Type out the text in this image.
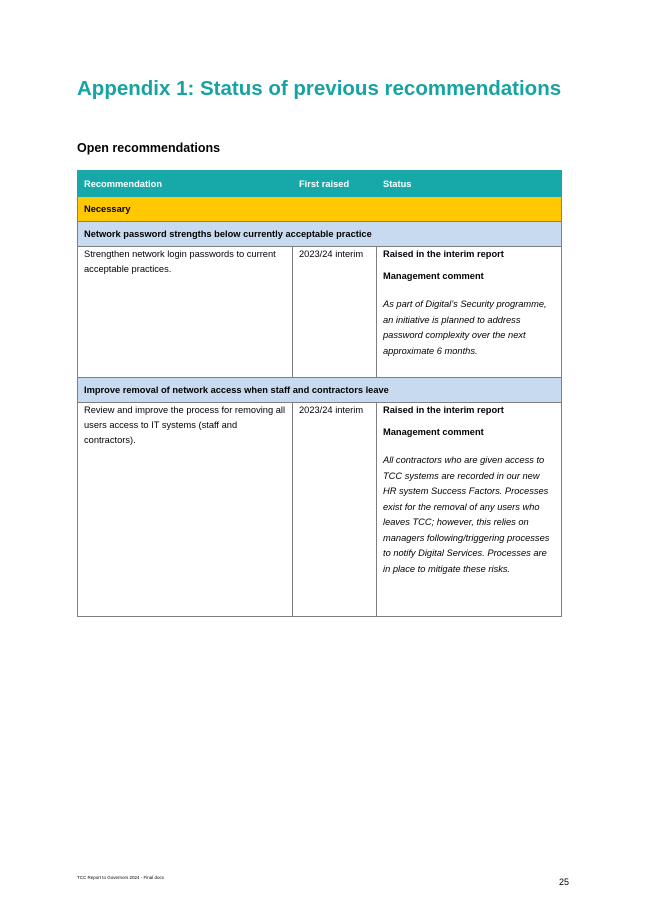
Appendix 1: Status of previous recommendations
Open recommendations
Recommendation	First raised	Status
Necessary		
Network password strengths below currently acceptable practice		
Strengthen network login passwords to current acceptable practices.	2023/24 interim	Raised in the interim report
Management comment
As part of Digital’s Security programme, an initiative is planned to address password complexity over the next approximate 6 months.

Improve removal of network access when staff and contractors leave		
Review and improve the process for removing all users access to IT systems (staff and contractors).	2023/24 interim	Raised in the interim report
Management comment
All contractors who are given access to TCC systems are recorded in our new HR system Success Factors. Processes exist for the removal of any users who leaves TCC; however, this relies on managers following/triggering processes to notify Digital Services. Processes are in place to mitigate these risks.
TCC Report to Governors 2024 - Final docx	25
